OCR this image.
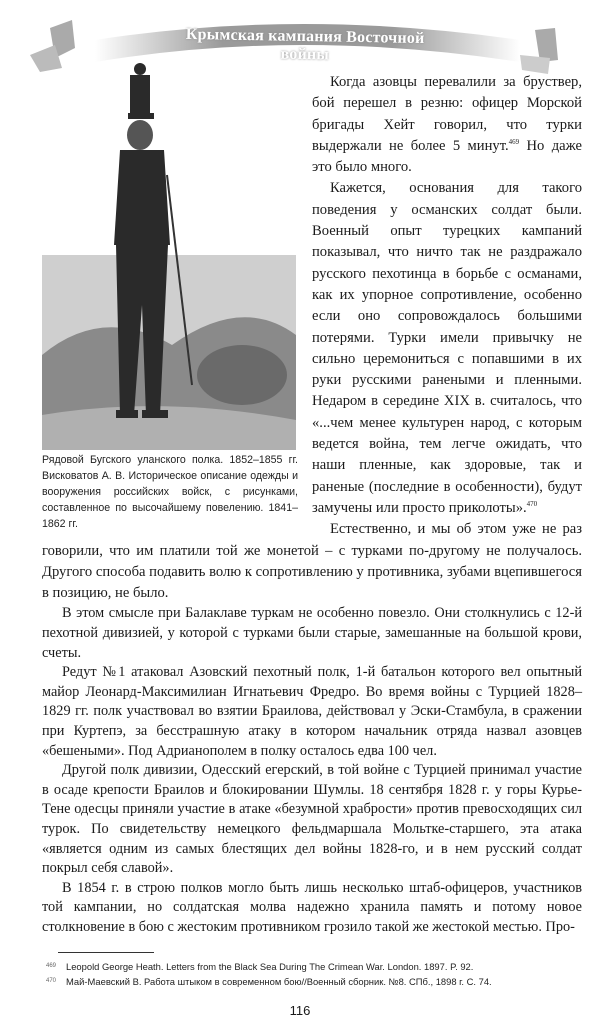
Крымская кампания Восточной войны
Рядовой Бугского уланского полка. 1852–1855 гг. Висковатов А. В. Историческое описание одежды и вооружения российских войск, с рисунками, составленное по высочайшему повелению. 1841–1862 гг.

Когда азовцы перевалили за бруствер, бой перешел в резню: офицер Морской бригады Хейт говорил, что турки выдержали не более 5 минут.$^{469}$ Но даже это было много.

Кажется, основания для такого поведения у османских солдат были. Военный опыт турецких кампаний показывал, что ничто так не раздражало русского пехотинца в борьбе с османами, как их упорное сопротивление, особенно если оно сопровождалось большими потерями. Турки имели привычку не сильно церемониться с попавшими в их руки русскими ранеными и пленными. Недаром в середине XIX в. считалось, что «...чем менее культурен народ, с которым ведется война, тем легче ожидать, что наши пленные, как здоровые, так и раненые (последние в особенности), будут замучены или просто приколоты».$^{470}$

Естественно, и мы об этом уже не раз говорили, что им платили той же монетой – с турками по-другому не получалось. Другого способа подавить волю к сопротивлению у противника, зубами вцепившегося в позицию, не было.

В этом смысле при Балаклаве туркам не особенно повезло. Они столкнулись с 12-й пехотной дивизией, у которой с турками были старые, замешанные на большой крови, счеты.

Редут №1 атаковал Азовский пехотный полк, 1-й батальон которого вел опытный майор Леонард-Максимилиан Игнатьевич Фредро. Во время войны с Турцией 1828–1829 гг. полк участвовал во взятии Браилова, действовал у Эски-Стамбула, в сражении при Куртепэ, за бесстрашную атаку в котором начальник отряда назвал азовцев «бешеными». Под Адрианополем в полку осталось едва 100 чел.

Другой полк дивизии, Одесский егерский, в той войне с Турцией принимал участие в осаде крепости Браилов и блокировании Шумлы. 18 сентября 1828 г. у горы Курье-Тене одесцы приняли участие в атаке «безумной храбрости» против превосходящих сил турок. По свидетельству немецкого фельдмаршала Мольтке-старшего, эта атака «является одним из самых блестящих дел войны 1828-го, и в нем русский солдат покрыл себя славой».

В 1854 г. в строю полков могло быть лишь несколько штаб-офицеров, участников той кампании, но солдатская молва надежно хранила память и потому новое столкновение в бою с жестоким противником грозило такой же жестокой местью. Про-

469 Leopold George Heath. Letters from the Black Sea During The Crimean War. London. 1897. P. 92.
470 Май-Маевский В. Работа штыком в современном бою//Военный сборник. №8. СПб., 1898 г. С. 74.
116
